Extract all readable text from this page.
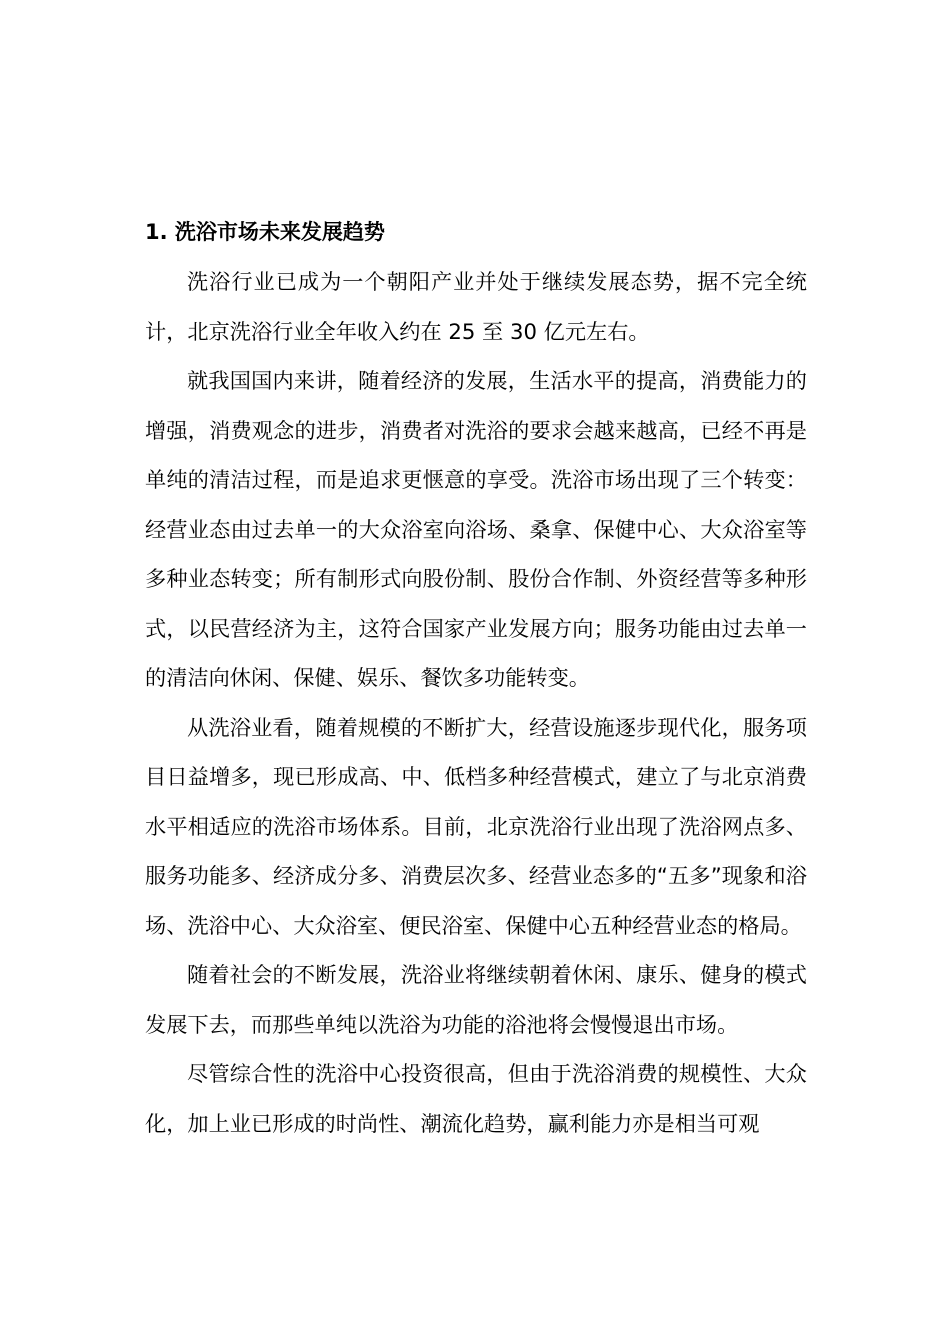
1. 洗浴市场未来发展趋势

洗浴行业已成为一个朝阳产业并处于继续发展态势，据不完全统计，北京洗浴行业全年收入约在 25 至 30 亿元左右。

就我国国内来讲，随着经济的发展，生活水平的提高，消费能力的增强，消费观念的进步，消费者对洗浴的要求会越来越高，已经不再是单纯的清洁过程，而是追求更惬意的享受。洗浴市场出现了三个转变：经营业态由过去单一的大众浴室向浴场、桑拿、保健中心、大众浴室等多种业态转变；所有制形式向股份制、股份合作制、外资经营等多种形式，以民营经济为主，这符合国家产业发展方向；服务功能由过去单一的清洁向休闲、保健、娱乐、餐饮多功能转变。

从洗浴业看，随着规模的不断扩大，经营设施逐步现代化，服务项目日益增多，现已形成高、中、低档多种经营模式，建立了与北京消费水平相适应的洗浴市场体系。目前，北京洗浴行业出现了洗浴网点多、服务功能多、经济成分多、消费层次多、经营业态多的“五多”现象和浴场、洗浴中心、大众浴室、便民浴室、保健中心五种经营业态的格局。

随着社会的不断发展，洗浴业将继续朝着休闲、康乐、健身的模式发展下去，而那些单纯以洗浴为功能的浴池将会慢慢退出市场。

尽管综合性的洗浴中心投资很高，但由于洗浴消费的规模性、大众化，加上业已形成的时尚性、潮流化趋势，赢利能力亦是相当可观
